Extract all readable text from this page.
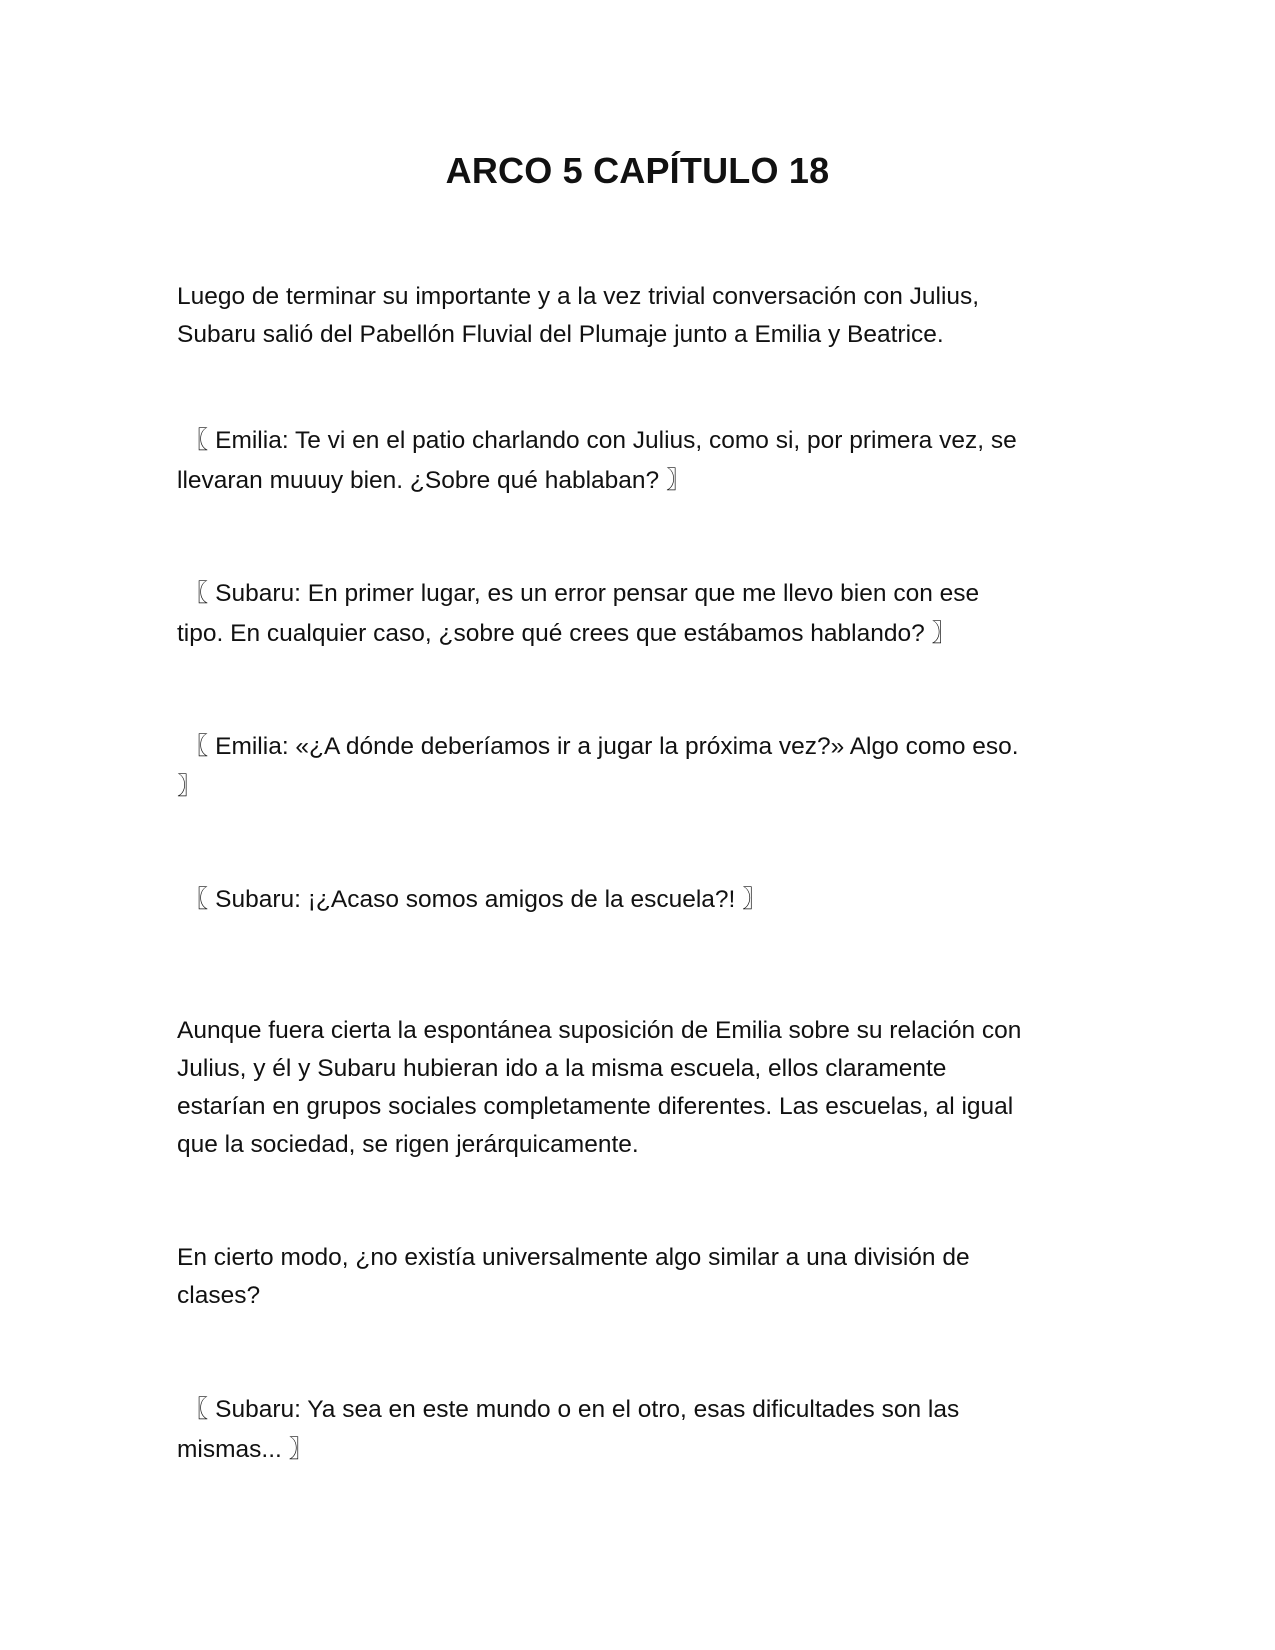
ARCO 5 CAPÍTULO 18

Luego de terminar su importante y a la vez trivial conversación con Julius,
Subaru salió del Pabellón Fluvial del Plumaje junto a Emilia y Beatrice.

〖 Emilia: Te vi en el patio charlando con Julius, como si, por primera vez, se
llevaran muuuy bien. ¿Sobre qué hablaban? 〗

〖 Subaru: En primer lugar, es un error pensar que me llevo bien con ese
tipo. En cualquier caso, ¿sobre qué crees que estábamos hablando? 〗

〖 Emilia: «¿A dónde deberíamos ir a jugar la próxima vez?» Algo como eso.
〗

〖 Subaru: ¡¿Acaso somos amigos de la escuela?! 〗

Aunque fuera cierta la espontánea suposición de Emilia sobre su relación con
Julius, y él y Subaru hubieran ido a la misma escuela, ellos claramente
estarían en grupos sociales completamente diferentes. Las escuelas, al igual
que la sociedad, se rigen jerárquicamente.

En cierto modo, ¿no existía universalmente algo similar a una división de
clases?

〖 Subaru: Ya sea en este mundo o en el otro, esas dificultades son las
mismas... 〗
